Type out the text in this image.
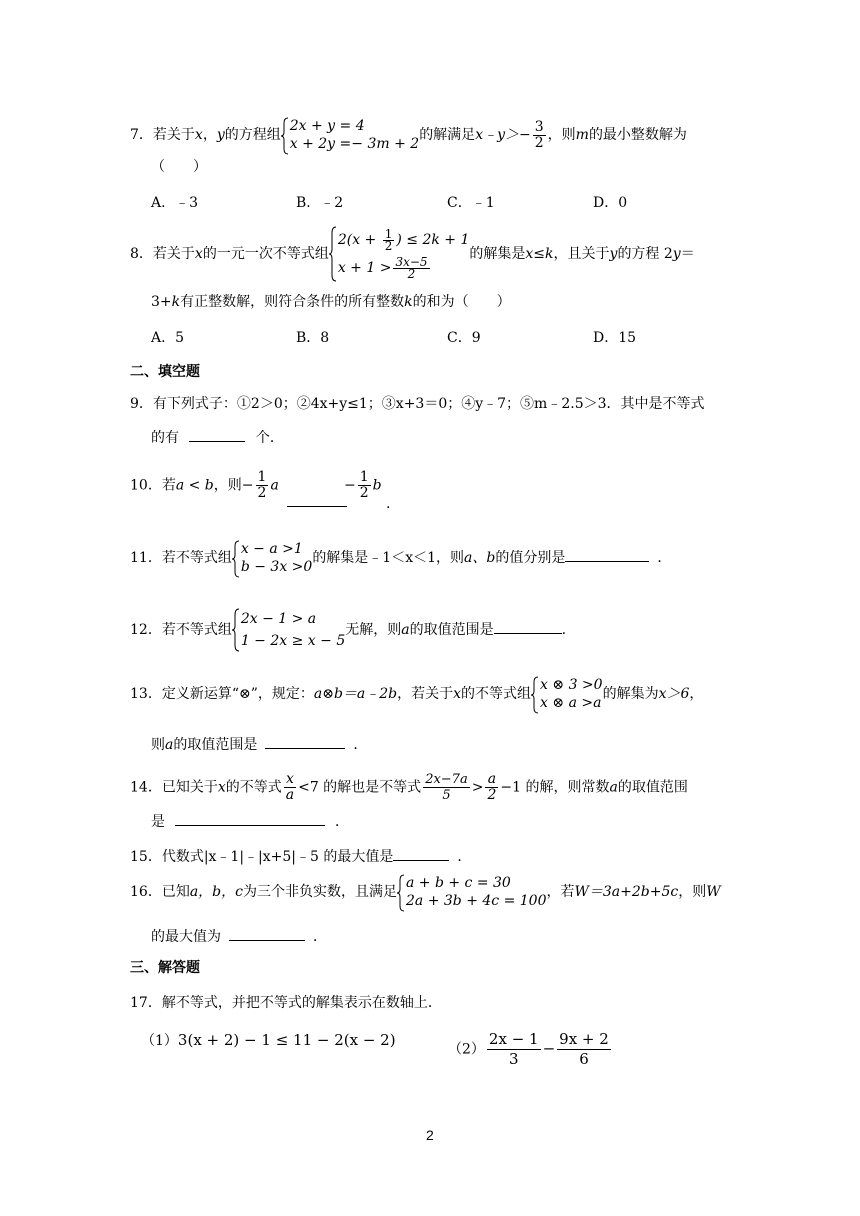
7．若关于x，y的方程组
2x + y = 4
x + 2y =− 3m + 2
的解满足x﹣y＞− $\frac{3}{2}$ ，则m的最小整数解为
（　　）
A．﹣3	B．﹣2	C．﹣1	D．0
8．若关于x的一元一次不等式组
$2(x + \frac{1}{2}$ ) ≤ 2k + 1
$x + 1 > \frac{3x-5}{2}$
的解集是x≤k，且关于y的方程 2y＝
3+k有正整数解，则符合条件的所有整数k的和为（　　）
A．5	B．8	C．9	D．15
二、填空题
9．有下列式子：①2＞0；②4x+y≤1；③x+3＝0；④y﹣7；⑤m﹣2.5＞3．其中是不等式
的有	个．
10．若a < b，则− $\frac{1}{2}$ a	− $\frac{1}{2}$ b
.
11．若不等式组
x − a >1
b − 3x >0
的解集是﹣1＜x＜1，则a、b的值分别是	．
12．若不等式组
2x − 1 > a
1 − 2x ≥ x − 5
无解，则a的取值范围是	.
13．定义新运算“⊗”，规定：a⊗b＝a﹣2b，若关于x的不等式组
x ⊗ 3 >0
x ⊗ a >a
的解集为x＞6，
则a的取值范围是	．
14．已知关于x的不等式 $\frac{x}{a} <7$ 的解也是不等式 $\frac{2x-7a}{5} > \frac{a}{2} -1$ 的解，则常数a的取值范围
是	．
15．代数式|x﹣1|﹣|x+5|﹣5 的最大值是	．
16．已知a，b，c为三个非负实数，且满足
a + b + c = 30
2a + 3b + 4c = 100
，若W＝3a+2b+5c，则W
的最大值为	．
三、解答题
17．解不等式，并把不等式的解集表示在数轴上．
（1）3(x + 2) − 1 ≤ 11 − 2(x − 2)
$(2) \frac{2x - 1}{3} - \frac{9x + 2}{6}$
2
